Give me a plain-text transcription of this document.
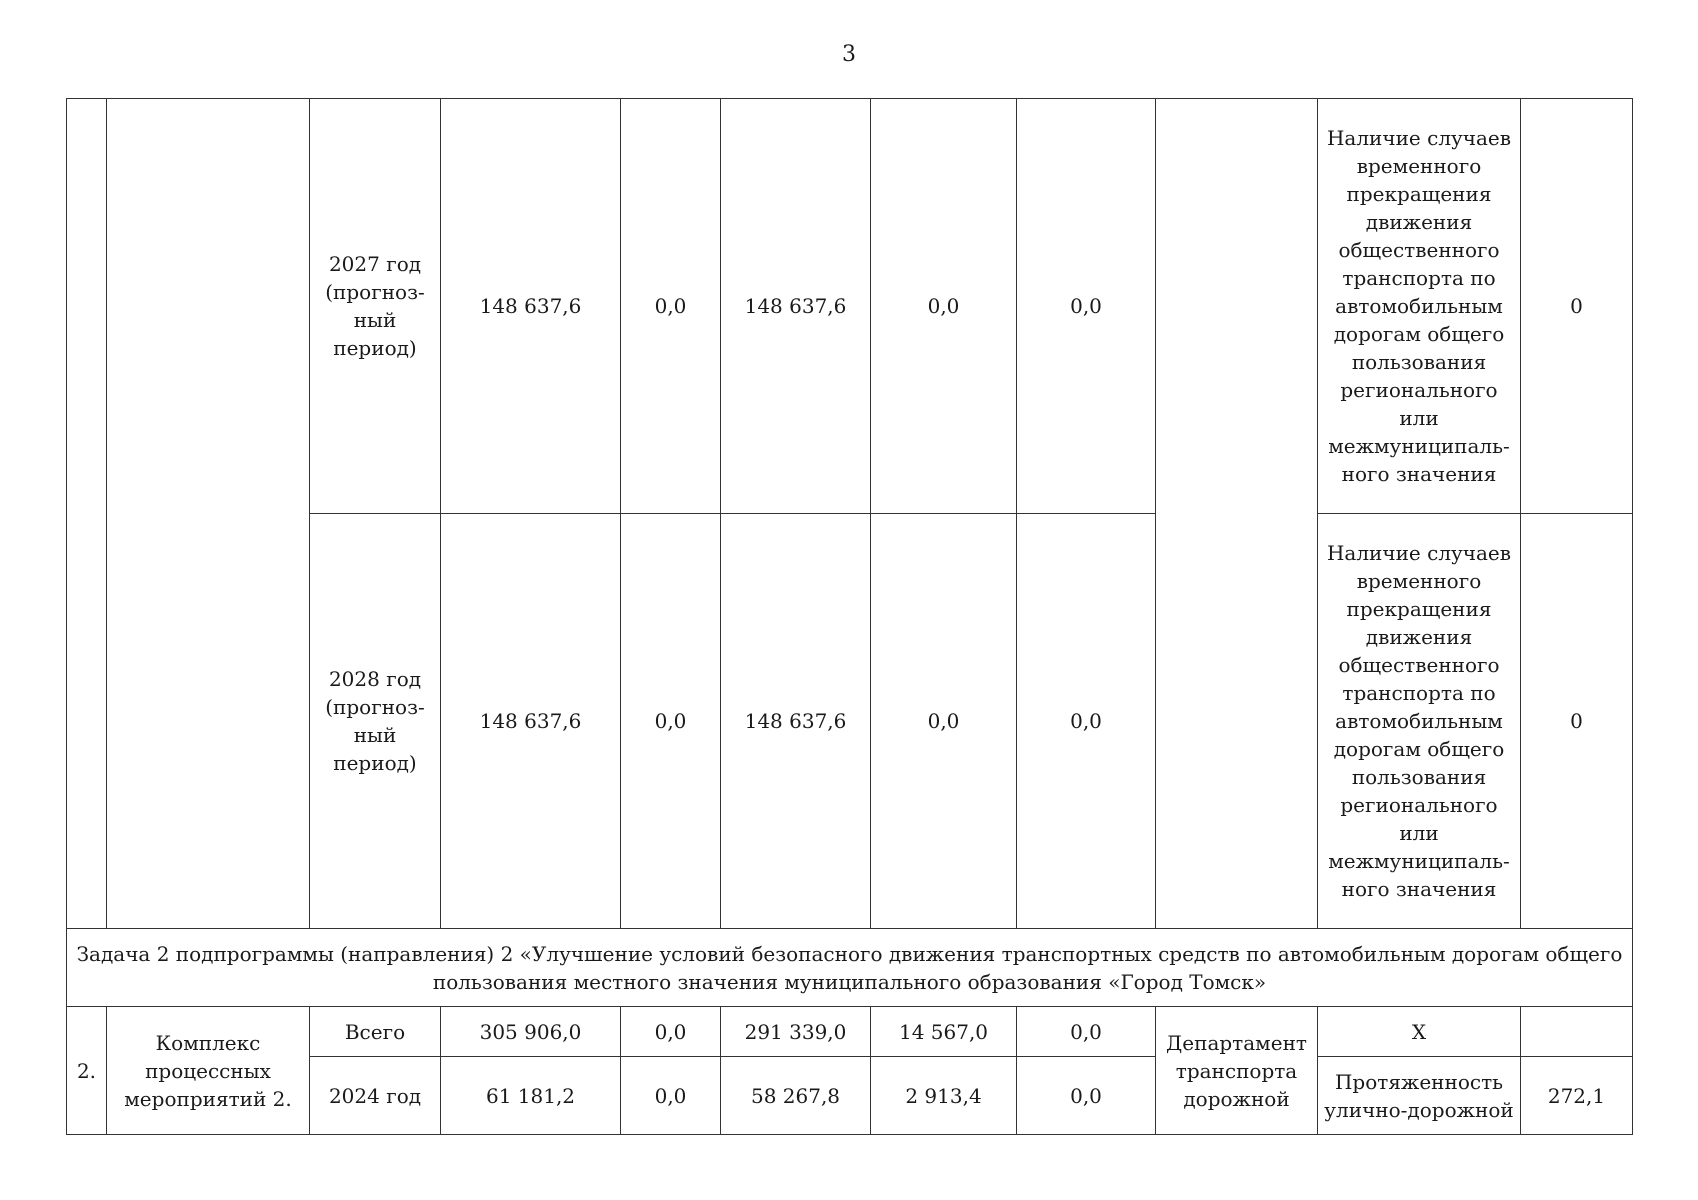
3
		2027 год (прогноз-ный период)	148 637,6	0,0	148 637,6	0,0	0,0		Наличие случаев временного прекращения движения общественного транспорта по автомобильным дорогам общего пользования регионального или межмуниципаль-ного значения	0
		2028 год (прогноз-ный период)	148 637,6	0,0	148 637,6	0,0	0,0		Наличие случаев временного прекращения движения общественного транспорта по автомобильным дорогам общего пользования регионального или межмуниципаль-ного значения	0
Задача 2 подпрограммы (направления) 2 «Улучшение условий безопасного движения транспортных средств по автомобильным дорогам общего пользования местного значения муниципального образования «Город Томск»										
2.	Комплекс процессных мероприятий 2.	Всего	305 906,0	0,0	291 339,0	14 567,0	0,0	Департамент транспорта дорожной	Х	
		2024 год	61 181,2	0,0	58 267,8	2 913,4	0,0		Протяженность улично-дорожной	272,1
